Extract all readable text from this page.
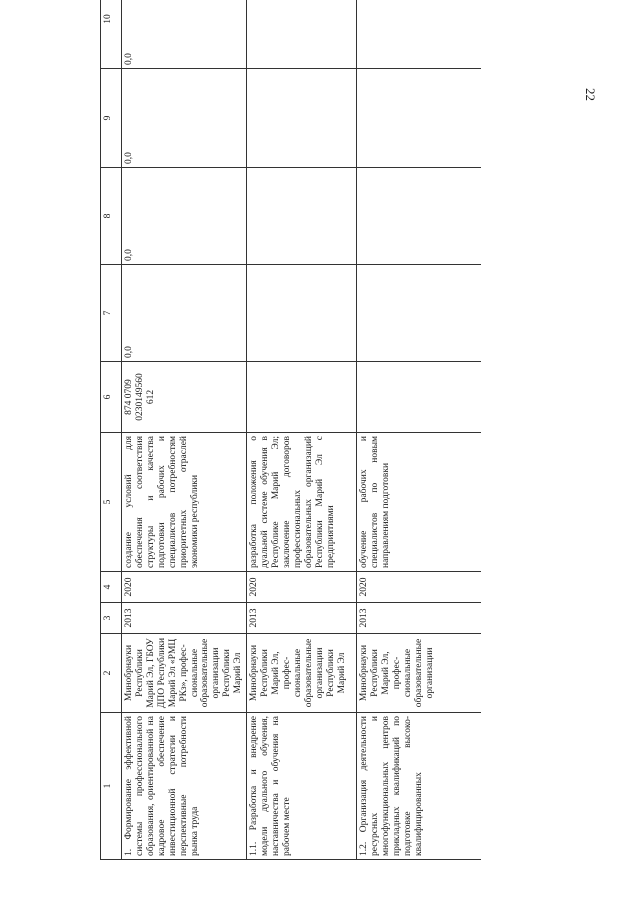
22
1	2	3	4	5	6	7	8	9	10
1. Формирование эффективной системы профессионального образования, ориентированной на кадровое обеспечение инвестиционной стратегии и перспективные потребности рынка труда	Минобрнауки Республики Марий Эл, ГБОУ ДПО Республики Марий Эл «РМЦ РКз», профес-сиональные образовательные организации Республики Марий Эл	2013	2020	создание условий для обеспечения соответствия структуры и качества подготовки рабочих и специалистов потребностям приоритетных отраслей экономики республики	874 0709 0230149560 612	0,0	0,0	0,0	0,0
1.1. Разработка и внедрение модели дуального обучения, наставничества и обучения на рабочем месте	Минобрнауки Республики Марий Эл, профес-сиональные образовательные организации Республики Марий Эл	2013	2020	разработка положения о дуальной системе обучения в Республике Марий Эл; заключение договоров профессиональных образовательных организаций Республики Марий Эл с предприятиями					
1.2. Организация деятельности ресурсных и многофункциональных центров прикладных квалификаций по подготовке высоко-квалифицированных	Минобрнауки Республики Марий Эл, профес-сиональные образовательные организации	2013	2020	обучение рабочих и специалистов по новым направлениям подготовки					
